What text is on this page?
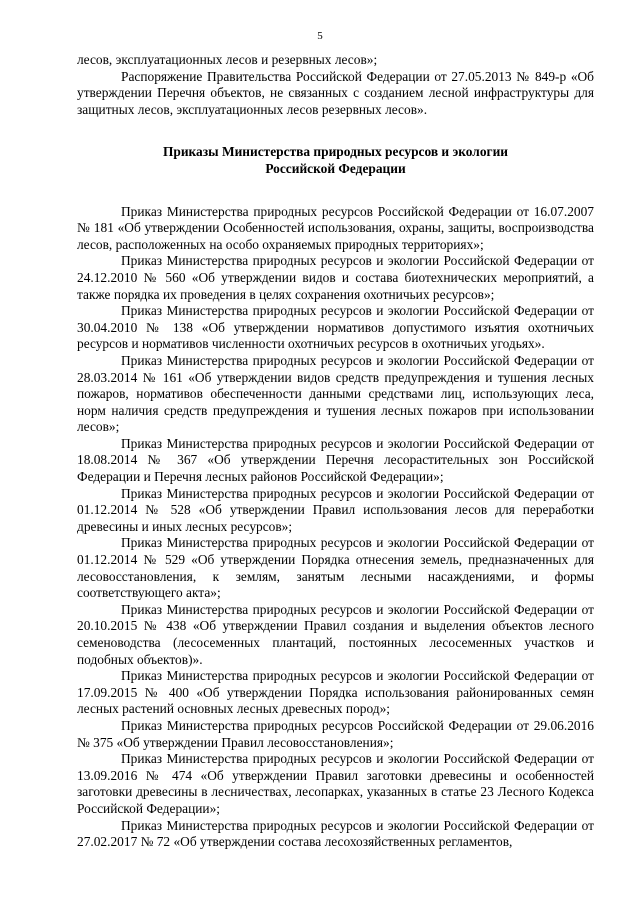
5

лесов, эксплуатационных лесов и резервных лесов»;

Распоряжение Правительства Российской Федерации от 27.05.2013 № 849-р «Об утверждении Перечня объектов, не связанных с созданием лесной инфраструктуры для защитных лесов, эксплуатационных лесов резервных лесов».

Приказы Министерства природных ресурсов и экологии
Российской Федерации

Приказ Министерства природных ресурсов Российской Федерации от 16.07.2007 № 181 «Об утверждении Особенностей использования, охраны, защиты, воспроизводства лесов, расположенных на особо охраняемых природных территориях»;

Приказ Министерства природных ресурсов и экологии Российской Федерации от 24.12.2010 № 560 «Об утверждении видов и состава биотехнических мероприятий, а также порядка их проведения в целях сохранения охотничьих ресурсов»;

Приказ Министерства природных ресурсов и экологии Российской Федерации от 30.04.2010 № 138 «Об утверждении нормативов допустимого изъятия охотничьих ресурсов и нормативов численности охотничьих ресурсов в охотничьих угодьях».

Приказ Министерства природных ресурсов и экологии Российской Федерации от 28.03.2014 № 161 «Об утверждении видов средств предупреждения и тушения лесных пожаров, нормативов обеспеченности данными средствами лиц, использующих леса, норм наличия средств предупреждения и тушения лесных пожаров при использовании лесов»;

Приказ Министерства природных ресурсов и экологии Российской Федерации от 18.08.2014 № 367 «Об утверждении Перечня лесорастительных зон Российской Федерации и Перечня лесных районов Российской Федерации»;

Приказ Министерства природных ресурсов и экологии Российской Федерации от 01.12.2014 № 528 «Об утверждении Правил использования лесов для переработки древесины и иных лесных ресурсов»;

Приказ Министерства природных ресурсов и экологии Российской Федерации от 01.12.2014 № 529 «Об утверждении Порядка отнесения земель, предназначенных для лесовосстановления, к землям, занятым лесными насаждениями, и формы соответствующего акта»;

Приказ Министерства природных ресурсов и экологии Российской Федерации от 20.10.2015 № 438 «Об утверждении Правил создания и выделения объектов лесного семеноводства (лесосеменных плантаций, постоянных лесосеменных участков и подобных объектов)».

Приказ Министерства природных ресурсов и экологии Российской Федерации от 17.09.2015 № 400 «Об утверждении Порядка использования районированных семян лесных растений основных лесных древесных пород»;

Приказ Министерства природных ресурсов Российской Федерации от 29.06.2016 № 375 «Об утверждении Правил лесовосстановления»;

Приказ Министерства природных ресурсов и экологии Российской Федерации от 13.09.2016 № 474 «Об утверждении Правил заготовки древесины и особенностей заготовки древесины в лесничествах, лесопарках, указанных в статье 23 Лесного Кодекса Российской Федерации»;

Приказ Министерства природных ресурсов и экологии Российской Федерации от 27.02.2017 № 72 «Об утверждении состава лесохозяйственных регламентов,
